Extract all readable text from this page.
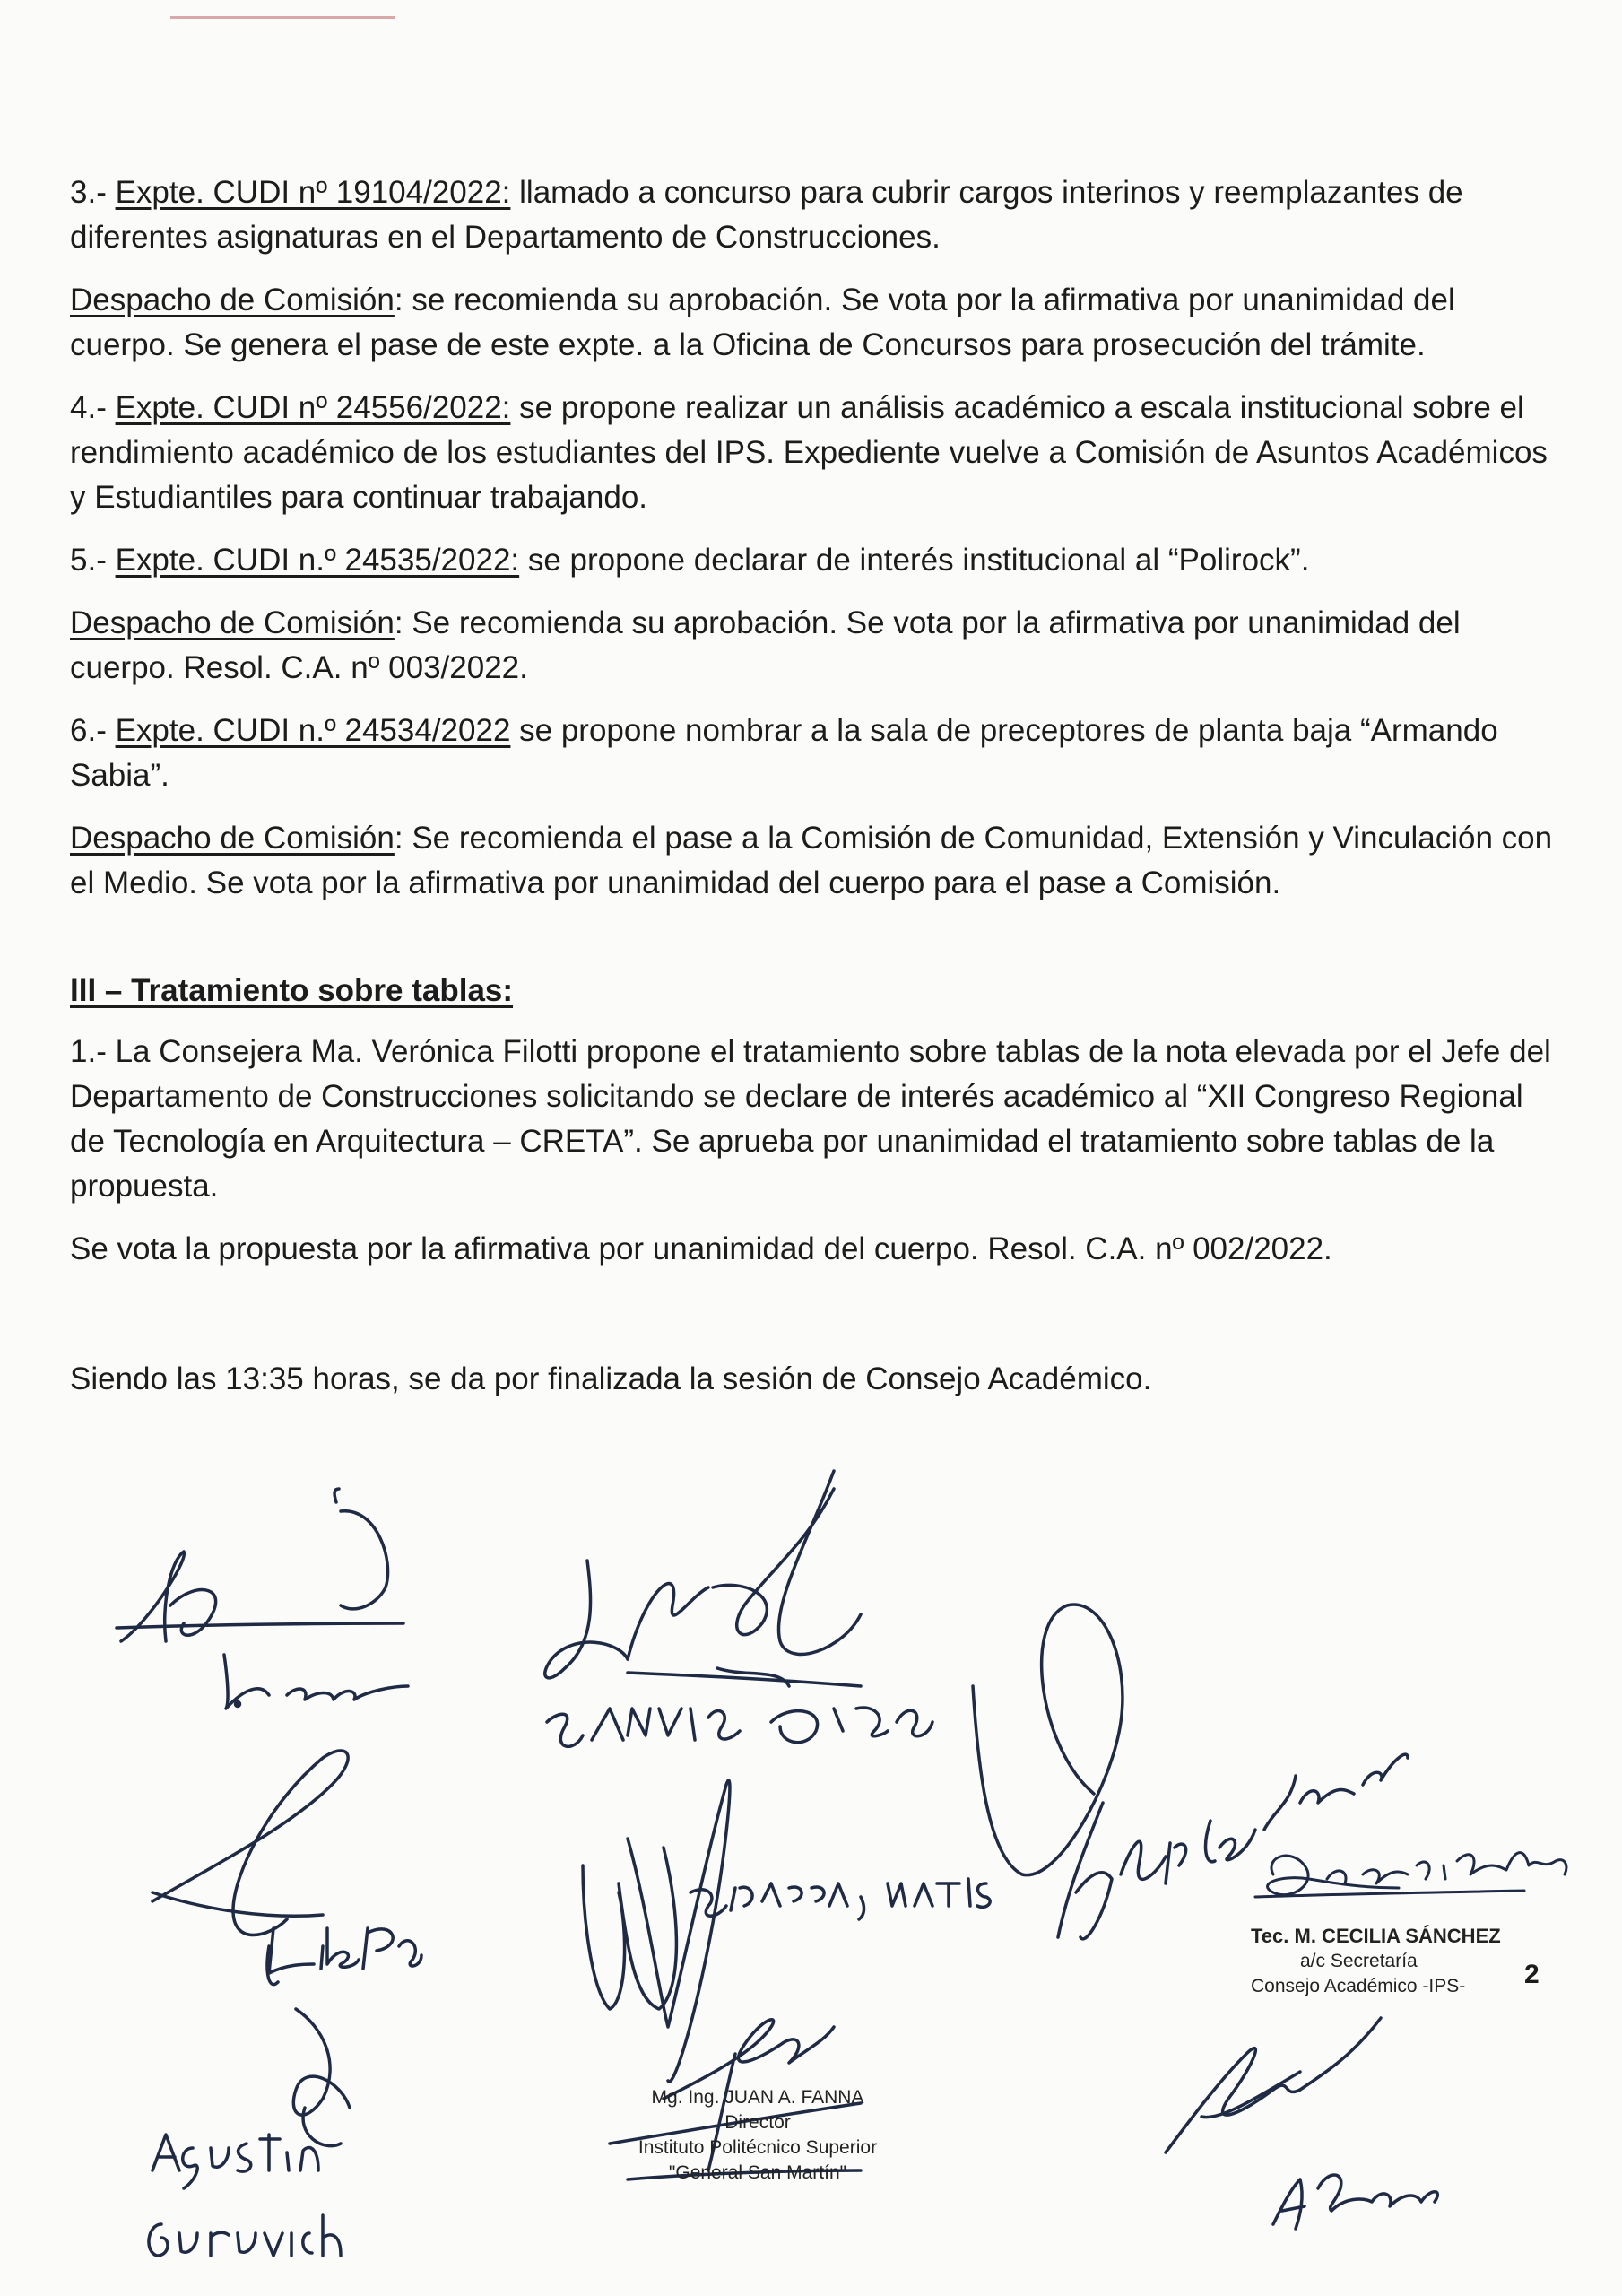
3.- Expte. CUDI nº 19104/2022: llamado a concurso para cubrir cargos interinos y reemplazantes de diferentes asignaturas en el Departamento de Construcciones.

Despacho de Comisión: se recomienda su aprobación. Se vota por la afirmativa por unanimidad del cuerpo. Se genera el pase de este expte. a la Oficina de Concursos para prosecución del trámite.

4.- Expte. CUDI nº 24556/2022: se propone realizar un análisis académico a escala institucional sobre el rendimiento académico de los estudiantes del IPS. Expediente vuelve a Comisión de Asuntos Académicos y Estudiantiles para continuar trabajando.

5.- Expte. CUDI n.º 24535/2022: se propone declarar de interés institucional al “Polirock”.

Despacho de Comisión: Se recomienda su aprobación. Se vota por la afirmativa por unanimidad del cuerpo. Resol. C.A. nº 003/2022.

6.- Expte. CUDI n.º 24534/2022 se propone nombrar a la sala de preceptores de planta baja “Armando Sabia”.

Despacho de Comisión: Se recomienda el pase a la Comisión de Comunidad, Extensión y Vinculación con el Medio. Se vota por la afirmativa por unanimidad del cuerpo para el pase a Comisión.

III – Tratamiento sobre tablas:

1.- La Consejera Ma. Verónica Filotti propone el tratamiento sobre tablas de la nota elevada por el Jefe del Departamento de Construcciones solicitando se declare de interés académico al “XII Congreso Regional de Tecnología en Arquitectura – CRETA”. Se aprueba por unanimidad el tratamiento sobre tablas de la propuesta.

Se vota la propuesta por la afirmativa por unanimidad del cuerpo. Resol. C.A. nº 002/2022.

Siendo las 13:35 horas, se da por finalizada la sesión de Consejo Académico.

Tec. M. CECILIA SÁNCHEZ
a/c Secretaría
Consejo Académico -IPS-	2
Mg. Ing. JUAN A. FANNA
Director
Instituto Politécnico Superior
"General San Martín"
